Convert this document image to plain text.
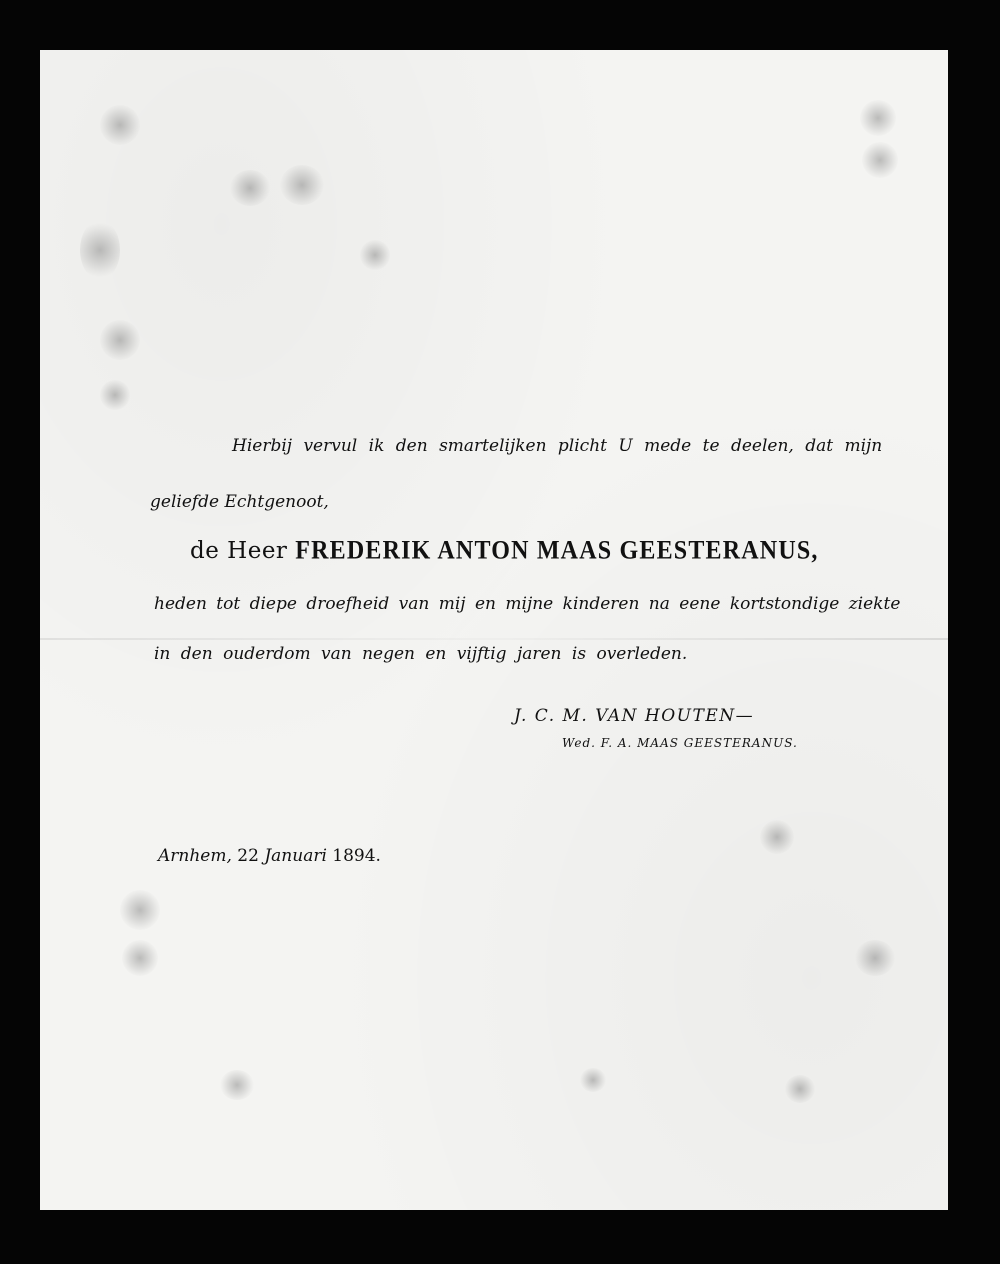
Hierbij vervul ik den smartelijken plicht U mede te deelen, dat mijn
geliefde Echtgenoot,
de Heer FREDERIK ANTON MAAS GEESTERANUS,
heden tot diepe droefheid van mij en mijne kinderen na eene kortstondige ziekte
in den ouderdom van negen en vijftig jaren is overleden.
J. C. M. VAN HOUTEN—
Wed. F. A. MAAS GEESTERANUS.
Arnhem, 22 Januari 1894.
